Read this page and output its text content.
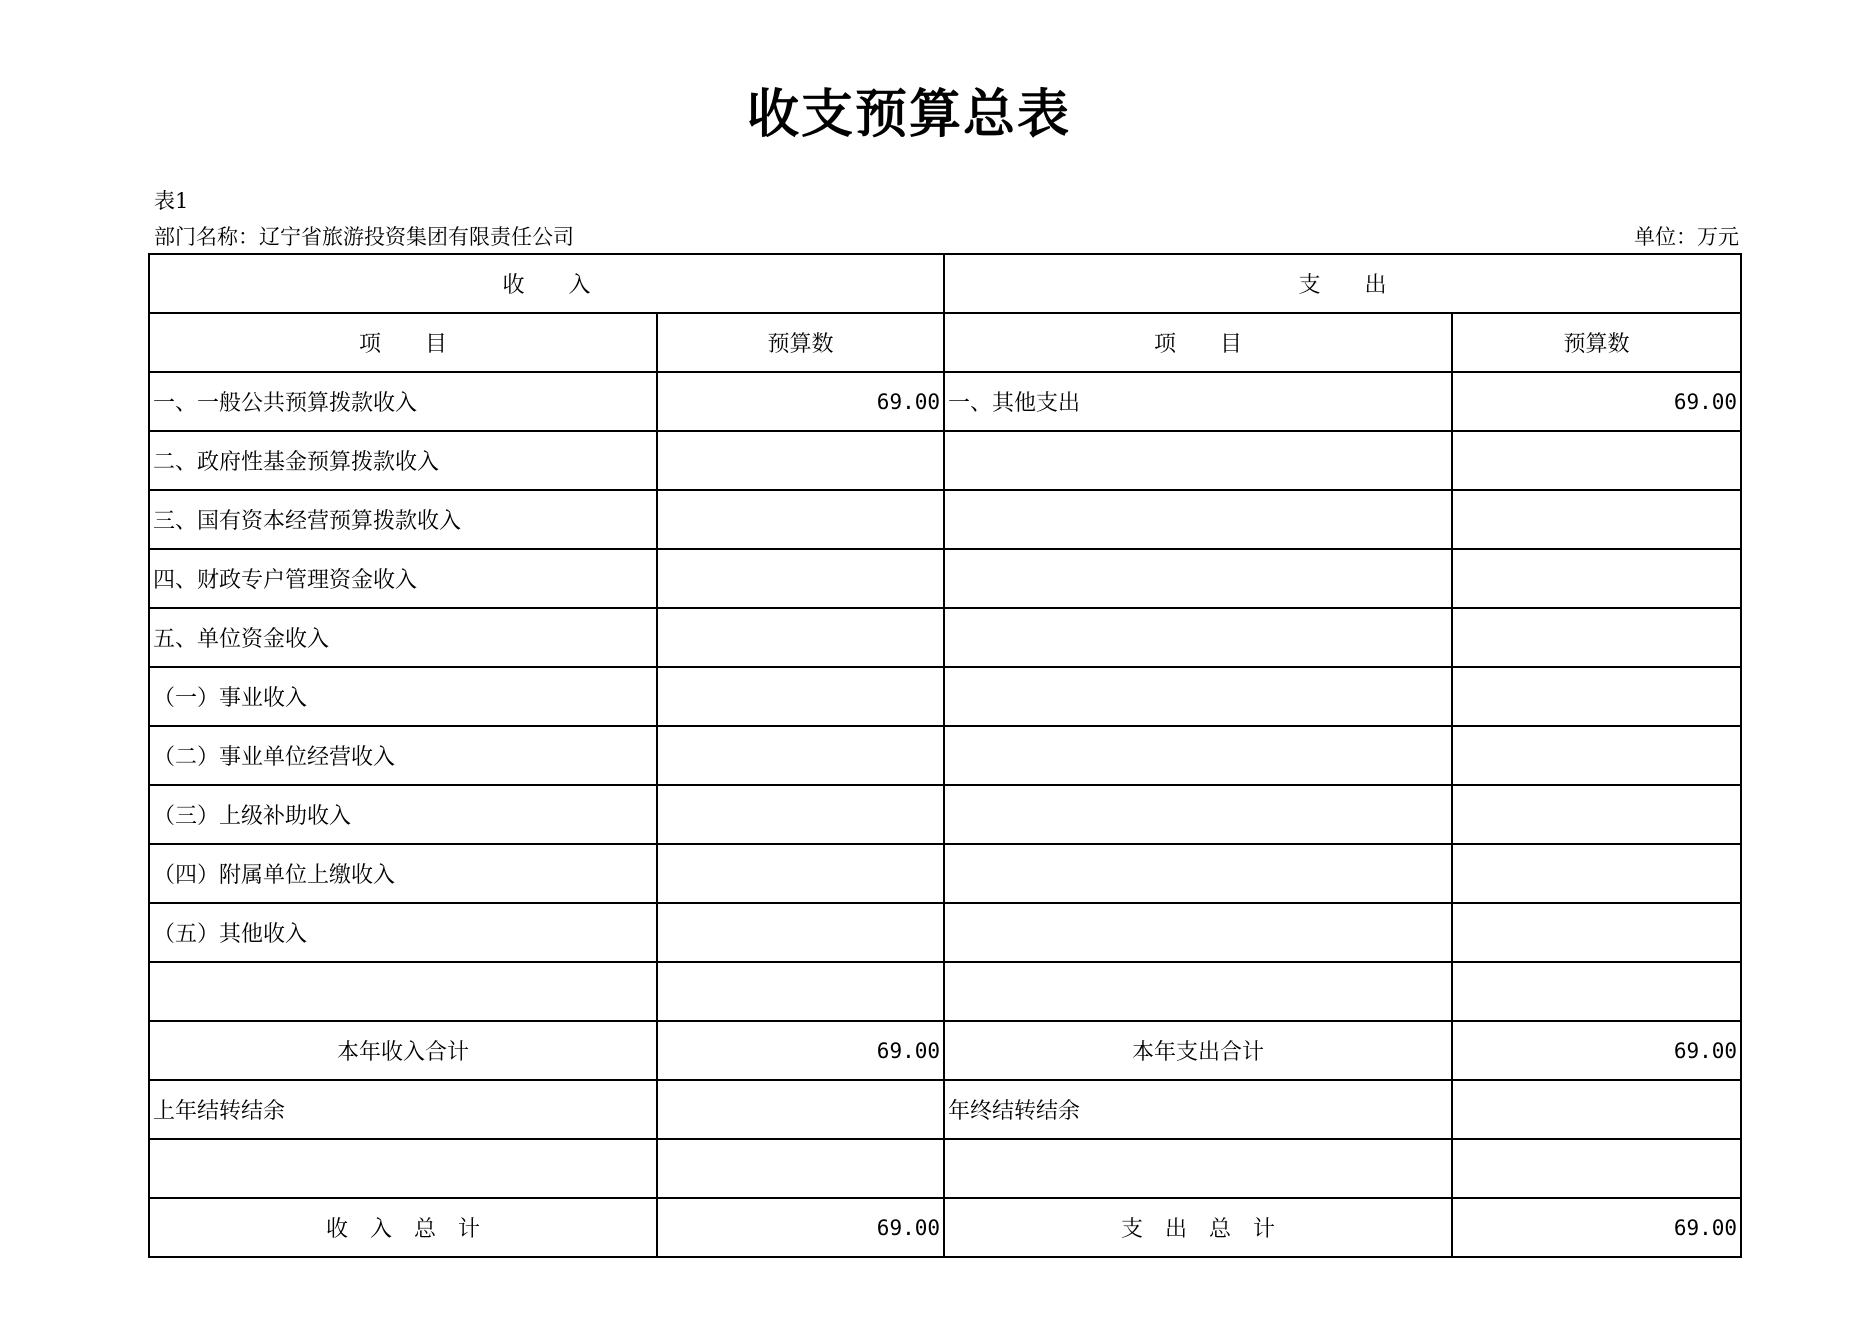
收支预算总表
表1
部门名称：辽宁省旅游投资集团有限责任公司	单位：万元
收　　入		支　　出	
项　　目	预算数	项　　目	预算数
一、一般公共预算拨款收入	69.00	一、其他支出	69.00
二、政府性基金预算拨款收入			
三、国有资本经营预算拨款收入			
四、财政专户管理资金收入			
五、单位资金收入			
（一）事业收入			
（二）事业单位经营收入			
（三）上级补助收入			
（四）附属单位上缴收入			
（五）其他收入			

本年收入合计	69.00	本年支出合计	69.00
上年结转结余		年终结转结余	

收　入　总　计	69.00	支　出　总　计	69.00
